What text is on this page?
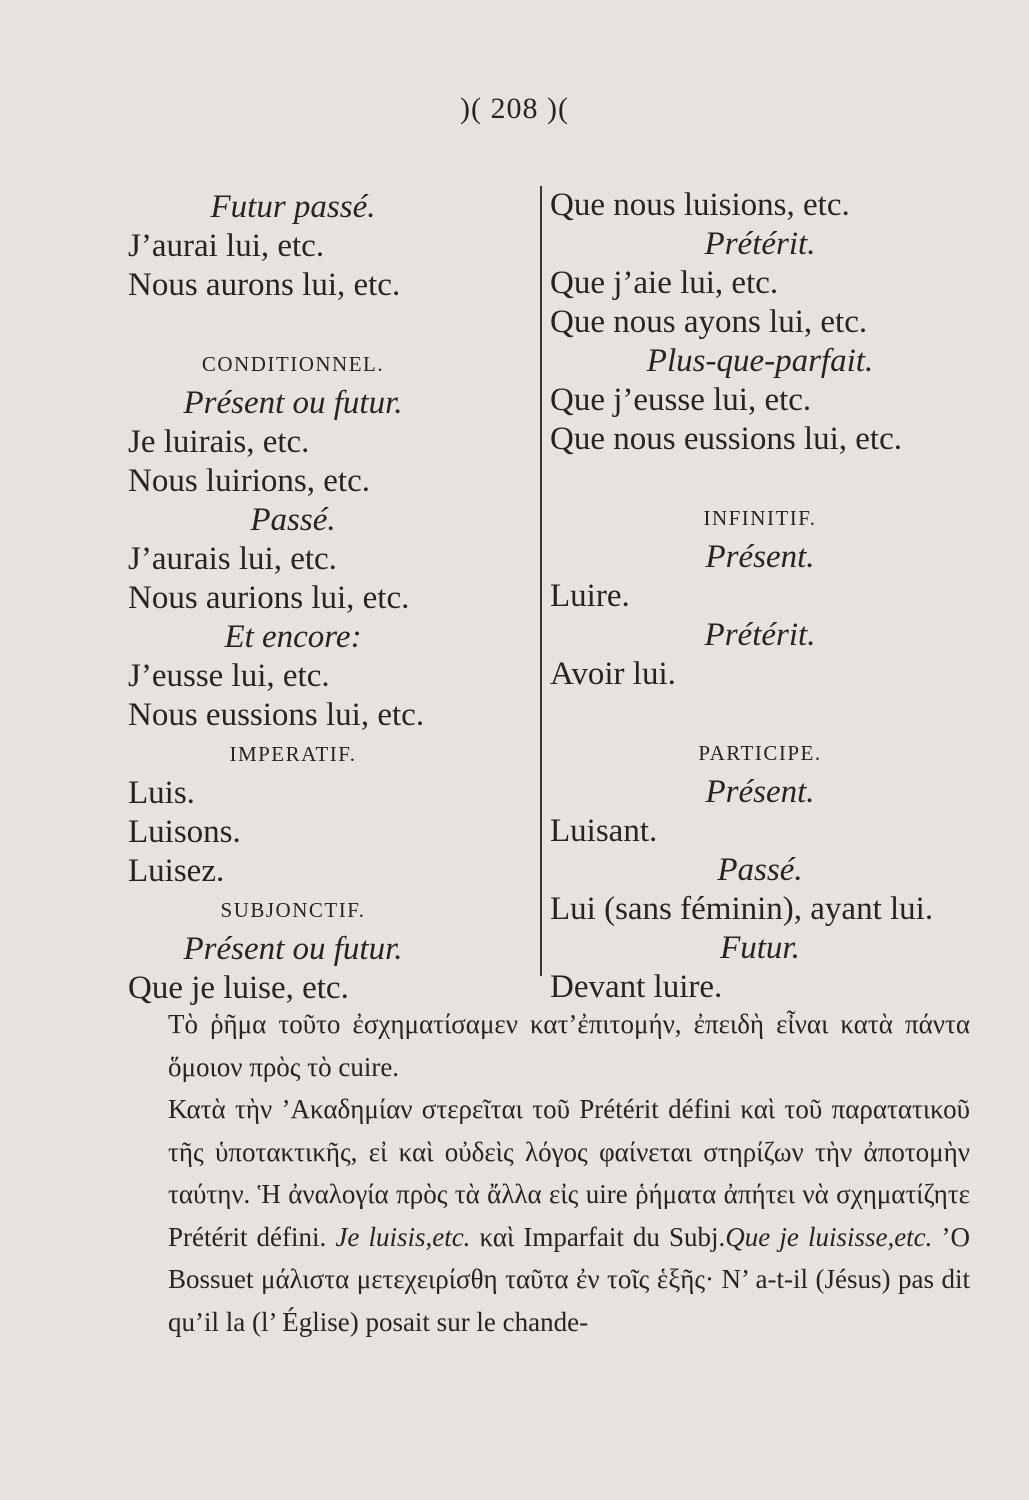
)( 208 )(
Futur passé.
J’aurai lui, etc.
Nous aurons lui, etc.
CONDITIONNEL.
Présent ou futur.
Je luirais, etc.
Nous luirions, etc.
Passé.
J’aurais lui, etc.
Nous aurions lui, etc.
Et encore:
J’eusse lui, etc.
Nous eussions lui, etc.
IMPERATIF.
Luis.
Luisons.
Luisez.
SUBJONCTIF.
Présent ou futur.
Que je luise, etc.
Que nous luisions, etc.
Prétérit.
Que j’aie lui, etc.
Que nous ayons lui, etc.
Plus-que-parfait.
Que j’eusse lui, etc.
Que nous eussions lui, etc.
INFINITIF.
Présent.
Luire.
Prétérit.
Avoir lui.
PARTICIPE.
Présent.
Luisant.
Passé.
Lui (sans féminin), ayant lui.
Futur.
Devant luire.
Τὸ ῥῆμα τοῦτο ἐσχηματίσαμεν κατ’ἐπιτομήν, ἐπειδὴ εἶναι κατὰ πάντα ὅμοιον πρὸς τὸ cuire.
Κατὰ τὴν ’Ακαδημίαν στερεῖται τοῦ Prétérit défini καὶ τοῦ παρατατικοῦ τῆς ὑποτακτικῆς, εἰ καὶ οὐδεὶς λόγος φαίνεται στηρίζων τὴν ἀποτομὴν ταύτην. Ἡ ἀναλογία πρὸς τὰ ἄλλα εἰς uire ῥήματα ἀπήτει νὰ σχηματίζητε Prétérit défini. Je luisis,etc. καὶ Imparfait du Subj.Que je luisisse,etc. ’Ο Bossuet μάλιστα μετεχειρίσθη ταῦτα ἐν τοῖς ἑξῆς· N’ a-t-il (Jésus) pas dit qu’il la (l’ Église) posait sur le chande-
